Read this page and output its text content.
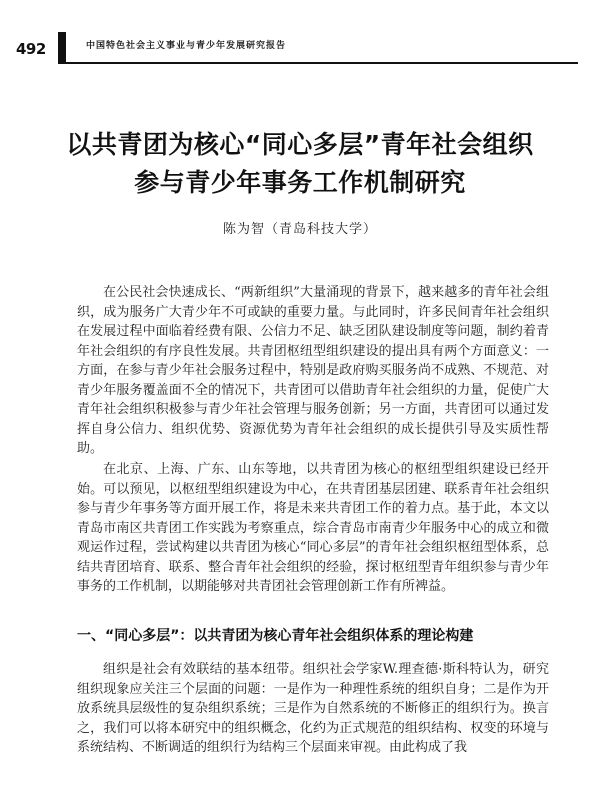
492	中国特色社会主义事业与青少年发展研究报告
以共青团为核心“同心多层”青年社会组织
参与青少年事务工作机制研究
陈为智（青岛科技大学）

在公民社会快速成长、“两新组织”大量涌现的背景下，越来越多的青年社会组织，成为服务广大青少年不可或缺的重要力量。与此同时，许多民间青年社会组织在发展过程中面临着经费有限、公信力不足、缺乏团队建设制度等问题，制约着青年社会组织的有序良性发展。共青团枢纽型组织建设的提出具有两个方面意义：一方面，在参与青少年社会服务过程中，特别是政府购买服务尚不成熟、不规范、对青少年服务覆盖面不全的情况下，共青团可以借助青年社会组织的力量，促使广大青年社会组织积极参与青少年社会管理与服务创新；另一方面，共青团可以通过发挥自身公信力、组织优势、资源优势为青年社会组织的成长提供引导及实质性帮助。

在北京、上海、广东、山东等地，以共青团为核心的枢纽型组织建设已经开始。可以预见，以枢纽型组织建设为中心，在共青团基层团建、联系青年社会组织参与青少年事务等方面开展工作，将是未来共青团工作的着力点。基于此，本文以青岛市南区共青团工作实践为考察重点，综合青岛市南青少年服务中心的成立和微观运作过程，尝试构建以共青团为核心“同心多层”的青年社会组织枢纽型体系，总结共青团培育、联系、整合青年社会组织的经验，探讨枢纽型青年组织参与青少年事务的工作机制，以期能够对共青团社会管理创新工作有所裨益。

一、“同心多层”：以共青团为核心青年社会组织体系的理论构建

组织是社会有效联结的基本纽带。组织社会学家W.理查德·斯科特认为，研究组织现象应关注三个层面的问题：一是作为一种理性系统的组织自身；二是作为开放系统具层级性的复杂组织系统；三是作为自然系统的不断修正的组织行为。换言之，我们可以将本研究中的组织概念，化约为正式规范的组织结构、权变的环境与系统结构、不断调适的组织行为结构三个层面来审视。由此构成了我
